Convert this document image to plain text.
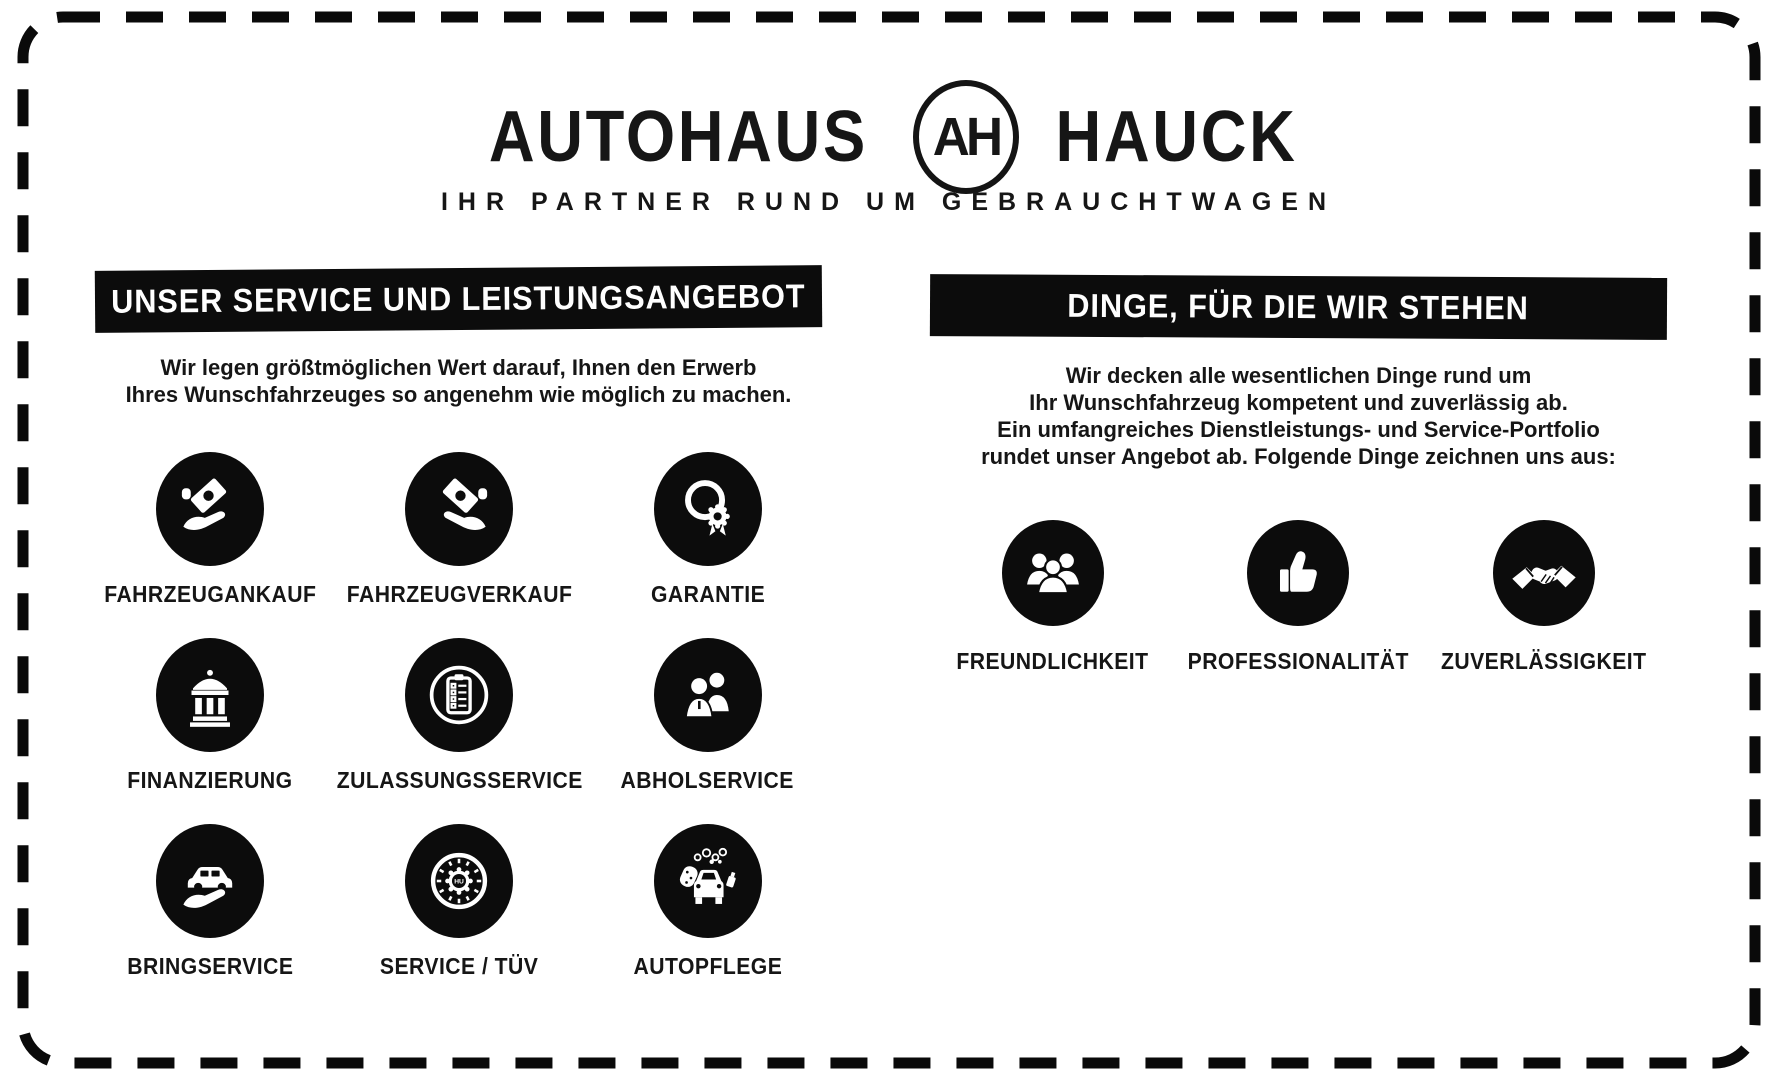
AUTOHAUS AH HAUCK
IHR PARTNER RUND UM GEBRAUCHTWAGEN
UNSER SERVICE UND LEISTUNGSANGEBOT
Wir legen größtmöglichen Wert darauf, Ihnen den Erwerb
Ihres Wunschfahrzeuges so angenehm wie möglich zu machen.
FAHRZEUGANKAUF FAHRZEUGVERKAUF	GARANTIE
FINANZIERUNG ZULASSUNGSSERVICE ABHOLSERVICE
BRINGSERVICE
HU
SERVICE / TÜV	AUTOPFLEGE
DINGE, FÜR DIE WIR STEHEN
Wir decken alle wesentlichen Dinge rund um
Ihr Wunschfahrzeug kompetent und zuverlässig ab.
Ein umfangreiches Dienstleistungs- und Service-Portfolio
rundet unser Angebot ab. Folgende Dinge zeichnen uns aus:
FREUNDLICHKEIT PROFESSIONALITÄT ZUVERLÄSSIGKEIT
